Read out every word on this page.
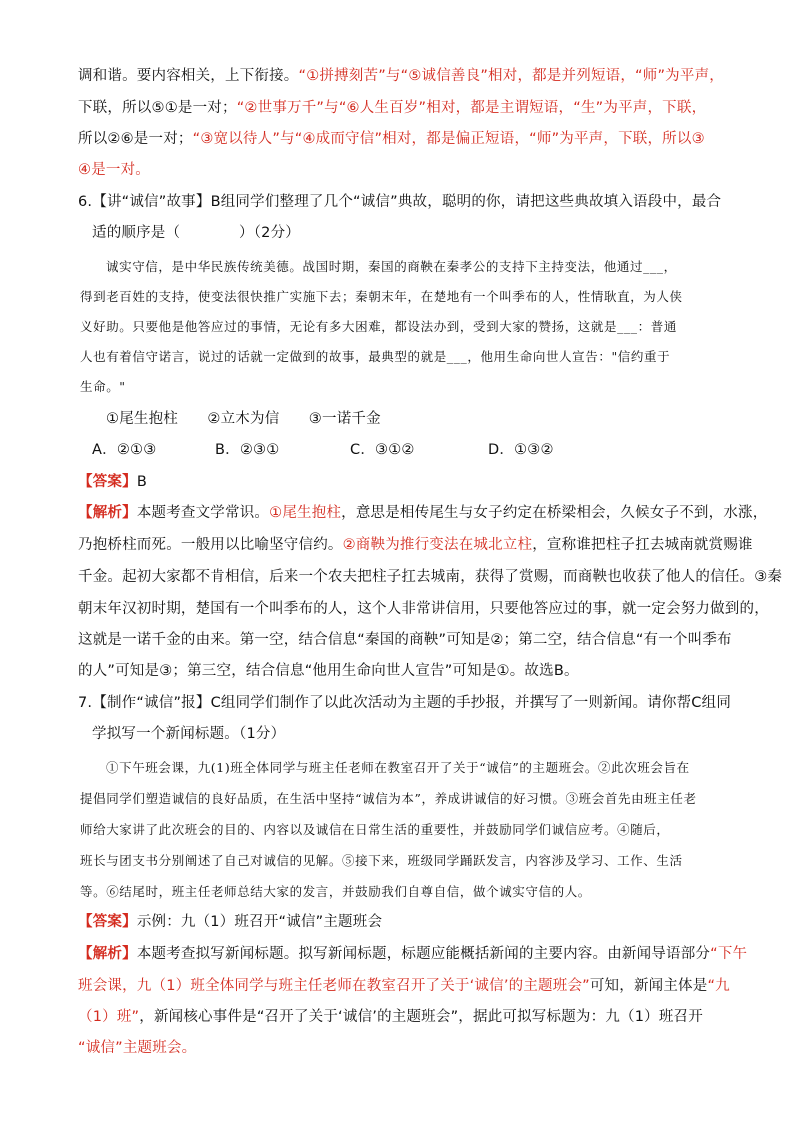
调和谐。要内容相关，上下衔接。“①拼搏刻苦”与“⑤诚信善良”相对，都是并列短语，“师”为平声，
下联，所以⑤①是一对；“②世事万千”与“⑥人生百岁”相对，都是主谓短语，“生”为平声，下联，
所以②⑥是一对；“③宽以待人”与“④成而守信”相对，都是偏正短语，“师”为平声，下联，所以③
④是一对。
6.【讲“诚信”故事】B组同学们整理了几个“诚信”典故，聪明的你，请把这些典故填入语段中，最合
适的顺序是（　　　　）（2分）
诚实守信，是中华民族传统美德。战国时期，秦国的商鞅在秦孝公的支持下主持变法，他通过___，
得到老百姓的支持，使变法很快推广实施下去；秦朝末年，在楚地有一个叫季布的人，性情耿直，为人侠
义好助。只要他是他答应过的事情，无论有多大困难，都设法办到，受到大家的赞扬，这就是___：普通
人也有着信守诺言，说过的话就一定做到的故事，最典型的就是___，他用生命向世人宣告："信约重于
生命。"
①尾生抱柱　　②立木为信　　③一诺千金
A．②①③	B．②③①	C．③①②	D．①③②
【答案】B
【解析】本题考查文学常识。①尾生抱柱，意思是相传尾生与女子约定在桥梁相会，久候女子不到，水涨，
乃抱桥柱而死。一般用以比喻坚守信约。②商鞅为推行变法在城北立柱，宣称谁把柱子扛去城南就赏赐谁
千金。起初大家都不肯相信，后来一个农夫把柱子扛去城南，获得了赏赐，而商鞅也收获了他人的信任。③秦
朝末年汉初时期，楚国有一个叫季布的人，这个人非常讲信用，只要他答应过的事，就一定会努力做到的，
这就是一诺千金的由来。第一空，结合信息“秦国的商鞅”可知是②；第二空，结合信息“有一个叫季布
的人”可知是③；第三空，结合信息“他用生命向世人宣告”可知是①。故选B。
7.【制作“诚信”报】C组同学们制作了以此次活动为主题的手抄报，并撰写了一则新闻。请你帮C组同
学拟写一个新闻标题。（1分）
①下午班会课，九(1)班全体同学与班主任老师在教室召开了关于“诚信”的主题班会。②此次班会旨在
提倡同学们塑造诚信的良好品质，在生活中坚持“诚信为本”，养成讲诚信的好习惯。③班会首先由班主任老
师给大家讲了此次班会的目的、内容以及诚信在日常生活的重要性，并鼓励同学们诚信应考。④随后，
班长与团支书分别阐述了自己对诚信的见解。⑤接下来，班级同学踊跃发言，内容涉及学习、工作、生活
等。⑥结尾时，班主任老师总结大家的发言，并鼓励我们自尊自信，做个诚实守信的人。
【答案】示例：九（1）班召开“诚信”主题班会
【解析】本题考查拟写新闻标题。拟写新闻标题，标题应能概括新闻的主要内容。由新闻导语部分“下午
班会课，九（1）班全体同学与班主任老师在教室召开了关于‘诚信’的主题班会”可知，新闻主体是“九
（1）班”，新闻核心事件是“召开了关于‘诚信’的主题班会”，据此可拟写标题为：九（1）班召开
“诚信”主题班会。
